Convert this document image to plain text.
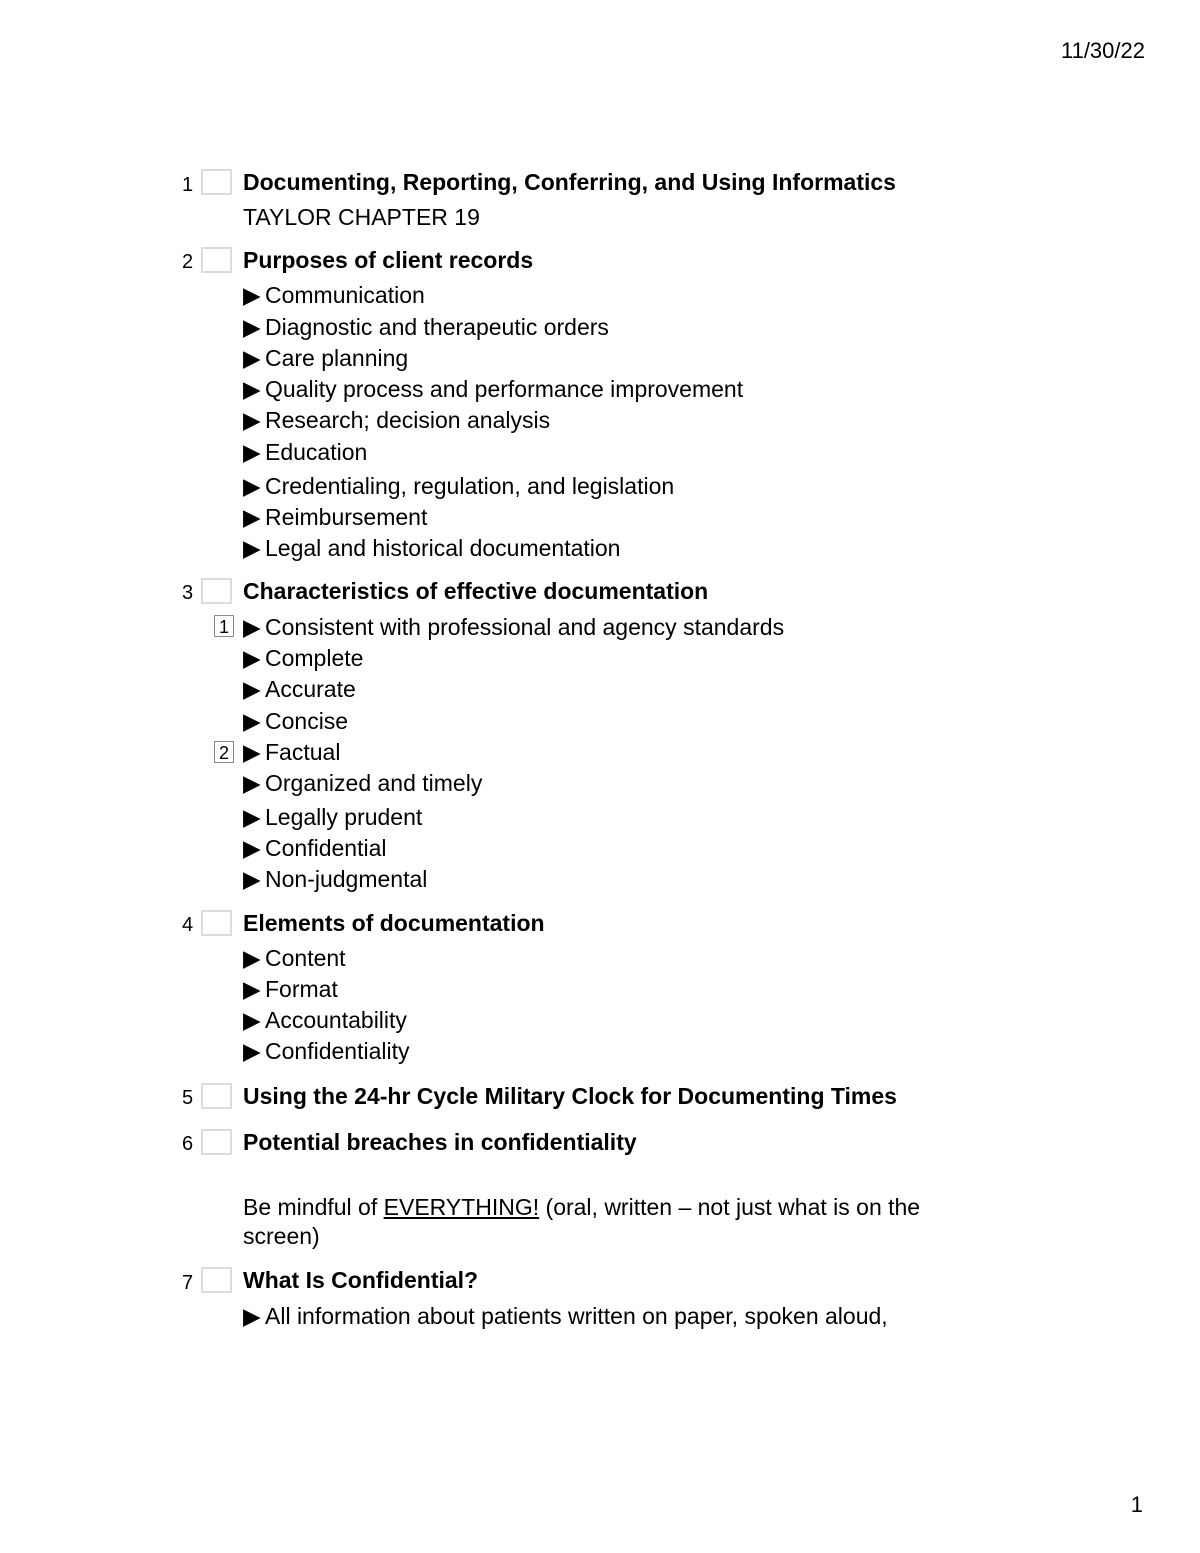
11/30/22
1 Documenting, Reporting, Conferring, and Using Informatics
TAYLOR CHAPTER 19
2 Purposes of client records
▶ Communication
▶ Diagnostic and therapeutic orders
▶ Care planning
▶ Quality process and performance improvement
▶ Research; decision analysis
▶ Education
▶ Credentialing, regulation, and legislation
▶ Reimbursement
▶ Legal and historical documentation
3 Characteristics of effective documentation
1 ▶ Consistent with professional and agency standards
▶ Complete
▶ Accurate
▶ Concise
2 ▶ Factual
▶ Organized and timely
▶ Legally prudent
▶ Confidential
▶ Non-judgmental
4 Elements of documentation
▶ Content
▶ Format
▶ Accountability
▶ Confidentiality
5 Using the 24-hr Cycle Military Clock for Documenting Times
6 Potential breaches in confidentiality
Be mindful of EVERYTHING! (oral, written – not just what is on the screen)
7 What Is Confidential?
▶ All information about patients written on paper, spoken aloud,
1
